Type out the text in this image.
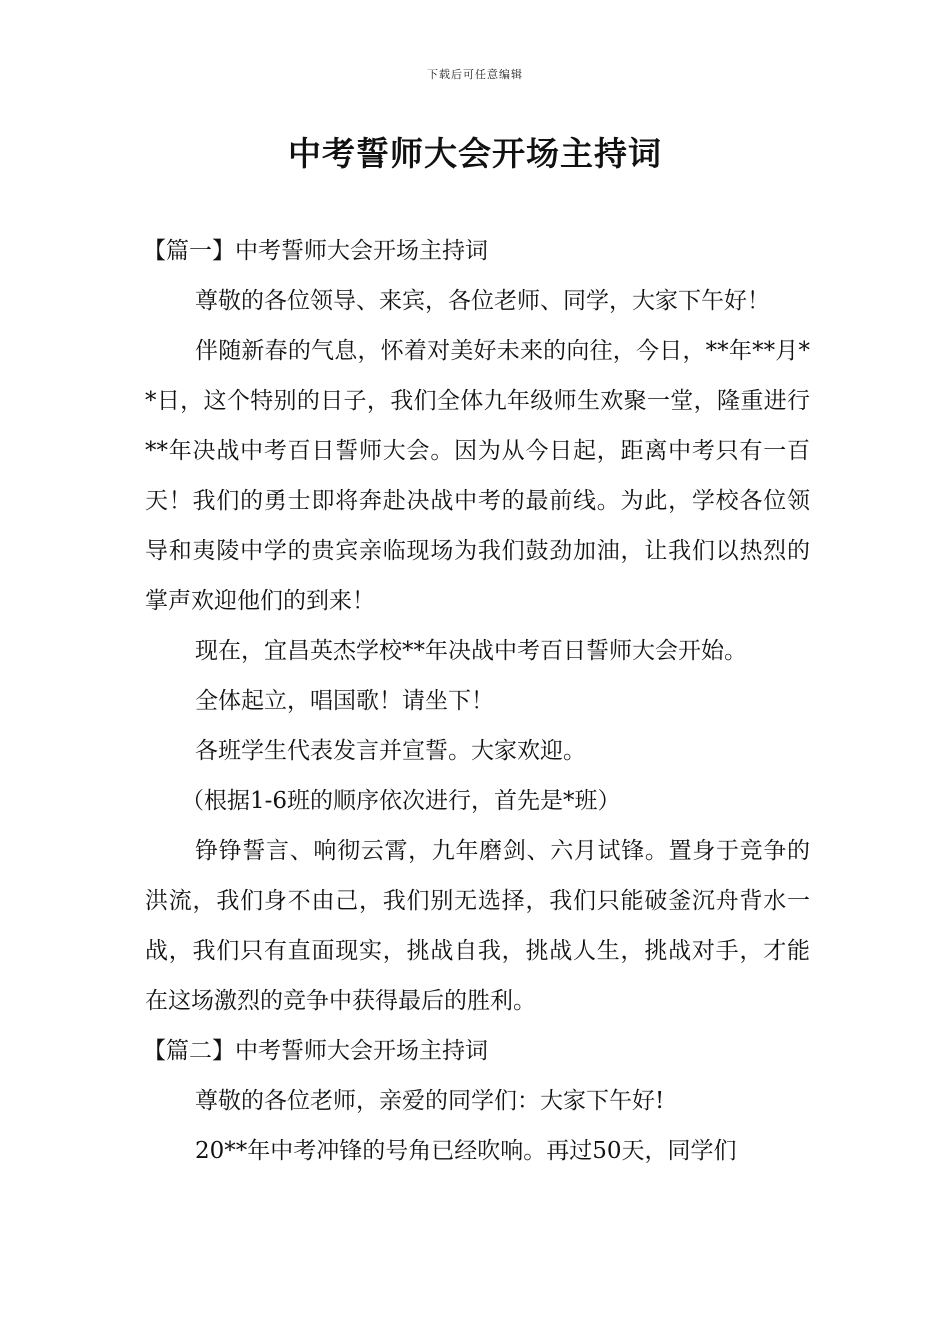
下载后可任意编辑
中考誓师大会开场主持词

【篇一】中考誓师大会开场主持词

尊敬的各位领导、来宾，各位老师、同学，大家下午好！

伴随新春的气息，怀着对美好未来的向往，今日，**年**月**日，这个特别的日子，我们全体九年级师生欢聚一堂，隆重进行**年决战中考百日誓师大会。因为从今日起，距离中考只有一百天！我们的勇士即将奔赴决战中考的最前线。为此，学校各位领导和夷陵中学的贵宾亲临现场为我们鼓劲加油，让我们以热烈的掌声欢迎他们的到来！

现在，宜昌英杰学校**年决战中考百日誓师大会开始。

全体起立，唱国歌！请坐下！

各班学生代表发言并宣誓。大家欢迎。

（根据1-6班的顺序依次进行，首先是*班）

铮铮誓言、响彻云霄，九年磨剑、六月试锋。置身于竞争的洪流，我们身不由己，我们别无选择，我们只能破釜沉舟背水一战，我们只有直面现实，挑战自我，挑战人生，挑战对手，才能在这场激烈的竞争中获得最后的胜利。

【篇二】中考誓师大会开场主持词

尊敬的各位老师，亲爱的同学们：大家下午好!

20**年中考冲锋的号角已经吹响。再过50天，同学们
